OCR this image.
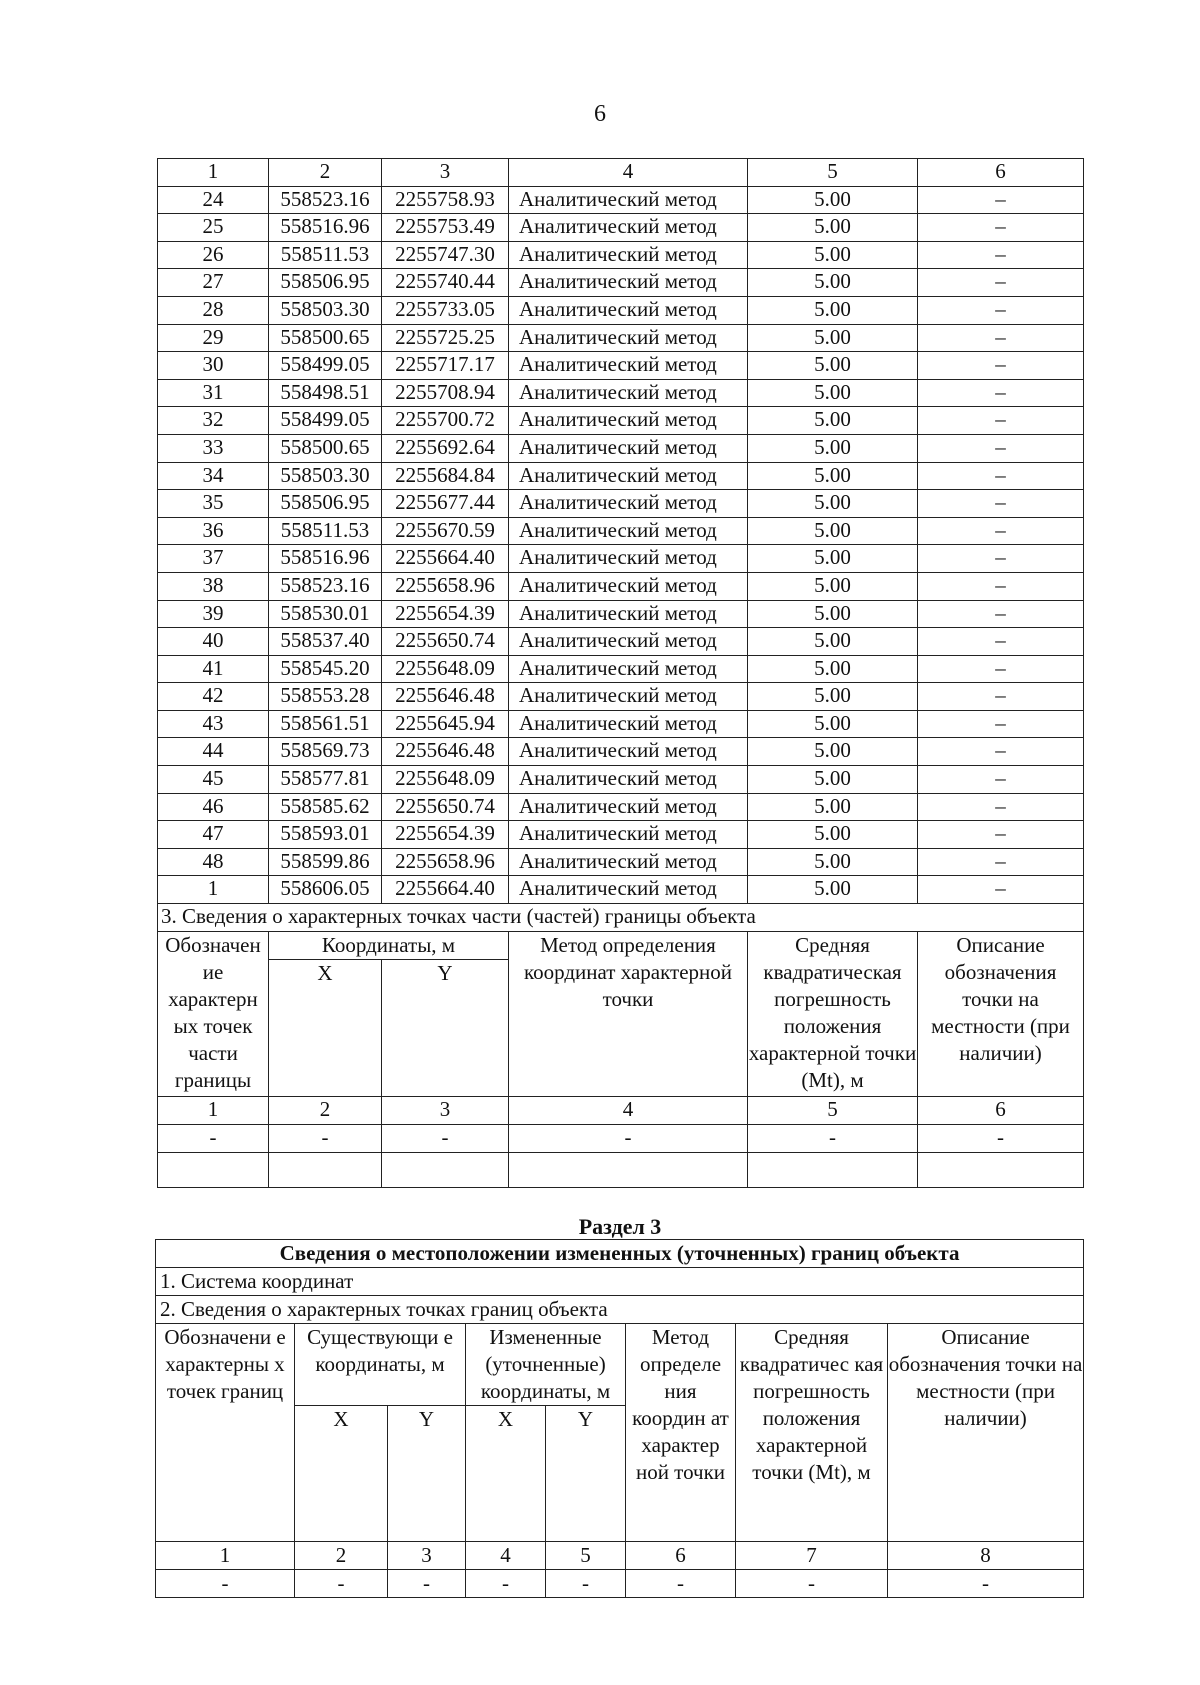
6
1	2	3	4	5	6
24	558523.16	2255758.93	Аналитический метод	5.00	–
25	558516.96	2255753.49	Аналитический метод	5.00	–
26	558511.53	2255747.30	Аналитический метод	5.00	–
27	558506.95	2255740.44	Аналитический метод	5.00	–
28	558503.30	2255733.05	Аналитический метод	5.00	–
29	558500.65	2255725.25	Аналитический метод	5.00	–
30	558499.05	2255717.17	Аналитический метод	5.00	–
31	558498.51	2255708.94	Аналитический метод	5.00	–
32	558499.05	2255700.72	Аналитический метод	5.00	–
33	558500.65	2255692.64	Аналитический метод	5.00	–
34	558503.30	2255684.84	Аналитический метод	5.00	–
35	558506.95	2255677.44	Аналитический метод	5.00	–
36	558511.53	2255670.59	Аналитический метод	5.00	–
37	558516.96	2255664.40	Аналитический метод	5.00	–
38	558523.16	2255658.96	Аналитический метод	5.00	–
39	558530.01	2255654.39	Аналитический метод	5.00	–
40	558537.40	2255650.74	Аналитический метод	5.00	–
41	558545.20	2255648.09	Аналитический метод	5.00	–
42	558553.28	2255646.48	Аналитический метод	5.00	–
43	558561.51	2255645.94	Аналитический метод	5.00	–
44	558569.73	2255646.48	Аналитический метод	5.00	–
45	558577.81	2255648.09	Аналитический метод	5.00	–
46	558585.62	2255650.74	Аналитический метод	5.00	–
47	558593.01	2255654.39	Аналитический метод	5.00	–
48	558599.86	2255658.96	Аналитический метод	5.00	–
1	558606.05	2255664.40	Аналитический метод	5.00	–
3. Сведения о характерных точках части (частей) границы объекта					
Обозначен ие характерн ых точек части границы	Координаты, м		Метод определения координат характерной точки	Средняя квадратическая погрешность положения характерной точки (Mt), м	Описание обозначения точки на местности (при наличии)
	X	Y			
1	2	3	4	5	6
-	-	-	-	-	-

Раздел 3
Сведения о местоположении измененных (уточненных) границ объекта							
1. Система координат							
2. Сведения о характерных точках границ объекта							
Обозначени е характерны х точек границ	Существующи е координаты, м		Измененные (уточненные) координаты, м		Метод определе ния координ ат характер ной точки	Средняя квадратичес кая погрешность положения характерной точки (Mt), м	Описание обозначения точки на местности (при наличии)
	X	Y	X	Y			
1	2	3	4	5	6	7	8
-	-	-	-	-	-	-	-
